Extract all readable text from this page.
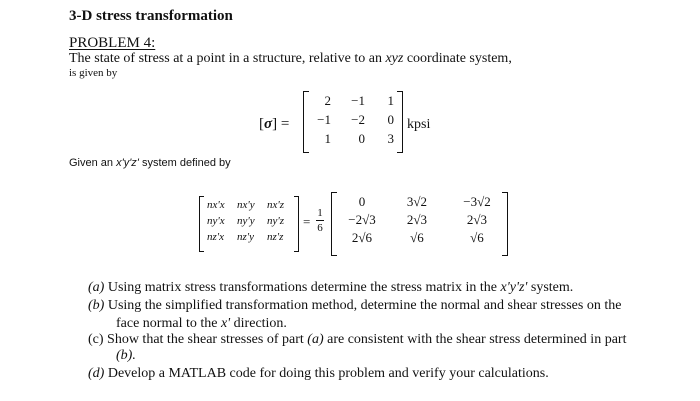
3-D stress transformation
PROBLEM 4:
The state of stress at a point in a structure, relative to an xyz coordinate system,
is given by
[σ] =
2	−1	1
−1	−2	0
1	0	3
kpsi
Given an x'y'z' system defined by
nx'x	nx'y	nx'z
ny'x	ny'y	ny'z
nz'x	nz'y	nz'z
=
1
6
0	3√2	−3√2
−2√3	2√3	2√3
2√6	√6	√6
(a) Using matrix stress transformations determine the stress matrix in the x'y'z' system.
(b) Using the simplified transformation method, determine the normal and shear stresses on the
face normal to the x' direction.
(c) Show that the shear stresses of part (a) are consistent with the shear stress determined in part
(b).
(d) Develop a MATLAB code for doing this problem and verify your calculations.
